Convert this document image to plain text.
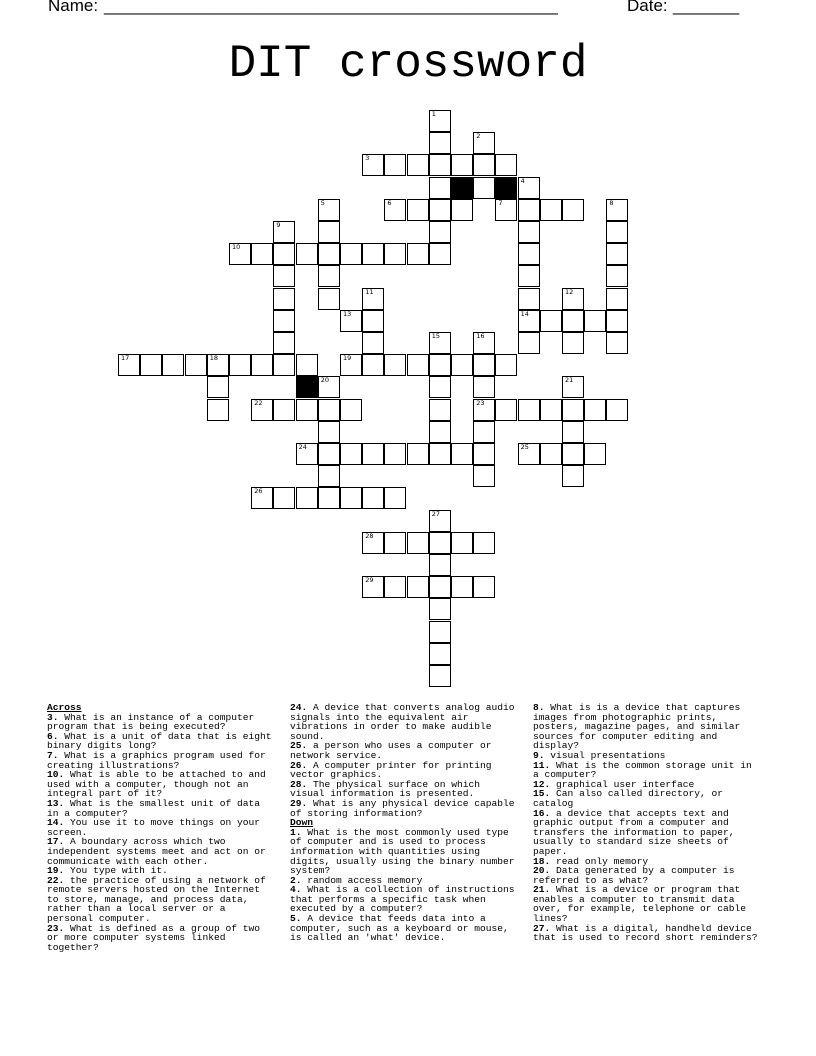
Name: ________________________________________________	Date: _______
DIT crossword
3
6	7
10
13	14
17	18	19
22	23
24	25
26
28
29
1
2
4
5	8
9
11	12
15	16
20	21
27
Across
3. What is an instance of a computer program that is being executed?
6. What is a unit of data that is eight binary digits long?
7. What is a graphics program used for creating illustrations?
10. What is able to be attached to and used with a computer, though not an integral part of it?
13. What is the smallest unit of data in a computer?
14. You use it to move things on your screen.
17. A boundary across which two independent systems meet and act on or communicate with each other.
19. You type with it.
22. the practice of using a network of remote servers hosted on the Internet to store, manage, and process data, rather than a local server or a personal computer.
23. What is defined as a group of two or more computer systems linked together?
24. A device that converts analog audio signals into the equivalent air vibrations in order to make audible sound.
25. a person who uses a computer or network service.
26. A computer printer for printing vector graphics.
28. The physical surface on which visual information is presented.
29. What is any physical device capable of storing information?
Down
1. What is the most commonly used type of computer and is used to process information with quantities using digits, usually using the binary number system?
2. random access memory
4. What is a collection of instructions that performs a specific task when executed by a computer?
5. A device that feeds data into a computer, such as a keyboard or mouse, is called an 'what' device.
8. What is is a device that captures images from photographic prints, posters, magazine pages, and similar sources for computer editing and display?
9. visual presentations
11. What is the common storage unit in a computer?
12. graphical user interface
15. Can also called directory, or catalog
16. a device that accepts text and graphic output from a computer and transfers the information to paper, usually to standard size sheets of paper.
18. read only memory
20. Data generated by a computer is referred to as what?
21. What is a device or program that enables a computer to transmit data over, for example, telephone or cable lines?
27. What is a digital, handheld device that is used to record short reminders?
